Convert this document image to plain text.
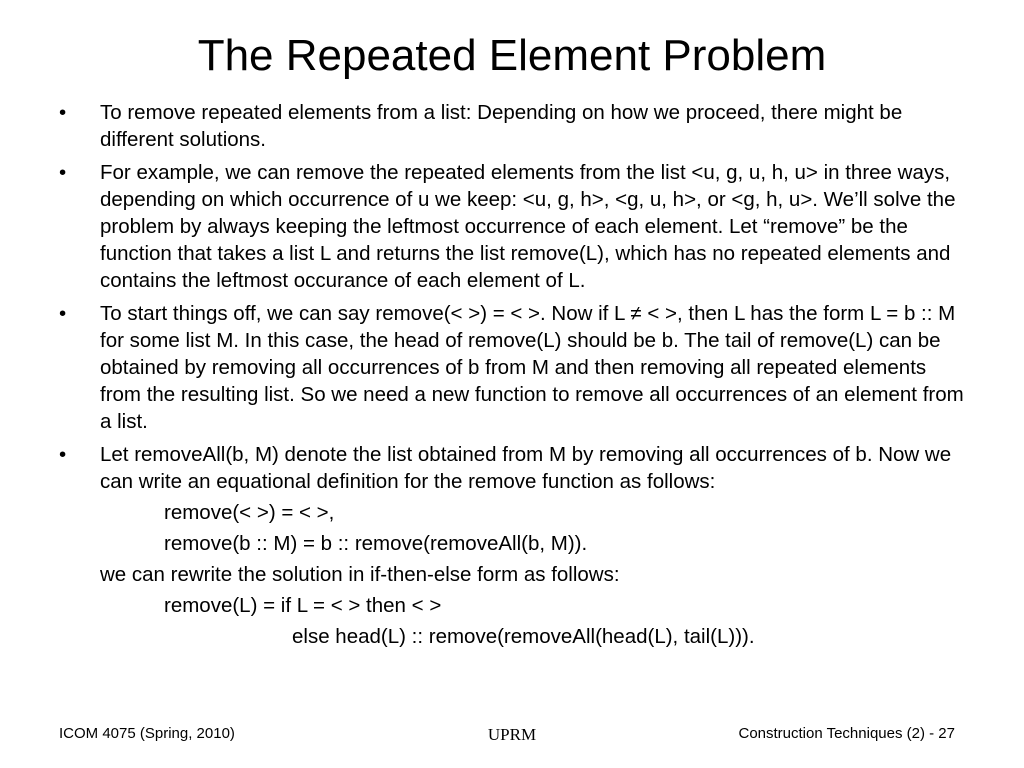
The Repeated Element Problem
•	To remove repeated elements from a list: Depending on how we proceed, there might be different solutions.
•	For example, we can remove the repeated elements from the list <u, g, u, h, u> in three ways, depending on which occurrence of u we keep: <u, g, h>, <g, u, h>, or <g, h, u>. We’ll solve the problem by always keeping the leftmost occurrence of each element. Let “remove” be the function that takes a list L and returns the list remove(L), which has no repeated elements and contains the leftmost occurance of each element of L.
•	To start things off, we can say remove(< >) = < >. Now if L ≠ < >, then L has the form L = b :: M for some list M. In this case, the head of remove(L) should be b. The tail of remove(L) can be obtained by removing all occurrences of b from M and then removing all repeated elements from the resulting list. So we need a new function to remove all occurrences of an element from a list.
•	Let removeAll(b, M) denote the list obtained from M by removing all occurrences of b. Now we can write an equational definition for the remove function as follows:
remove(< >) = < >,
remove(b :: M) = b :: remove(removeAll(b, M)).
we can rewrite the solution in if-then-else form as follows:
remove(L) = if L = < > then < >
else head(L) :: remove(removeAll(head(L), tail(L))).
ICOM 4075 (Spring, 2010)	UPRM	Construction Techniques (2) - 27
